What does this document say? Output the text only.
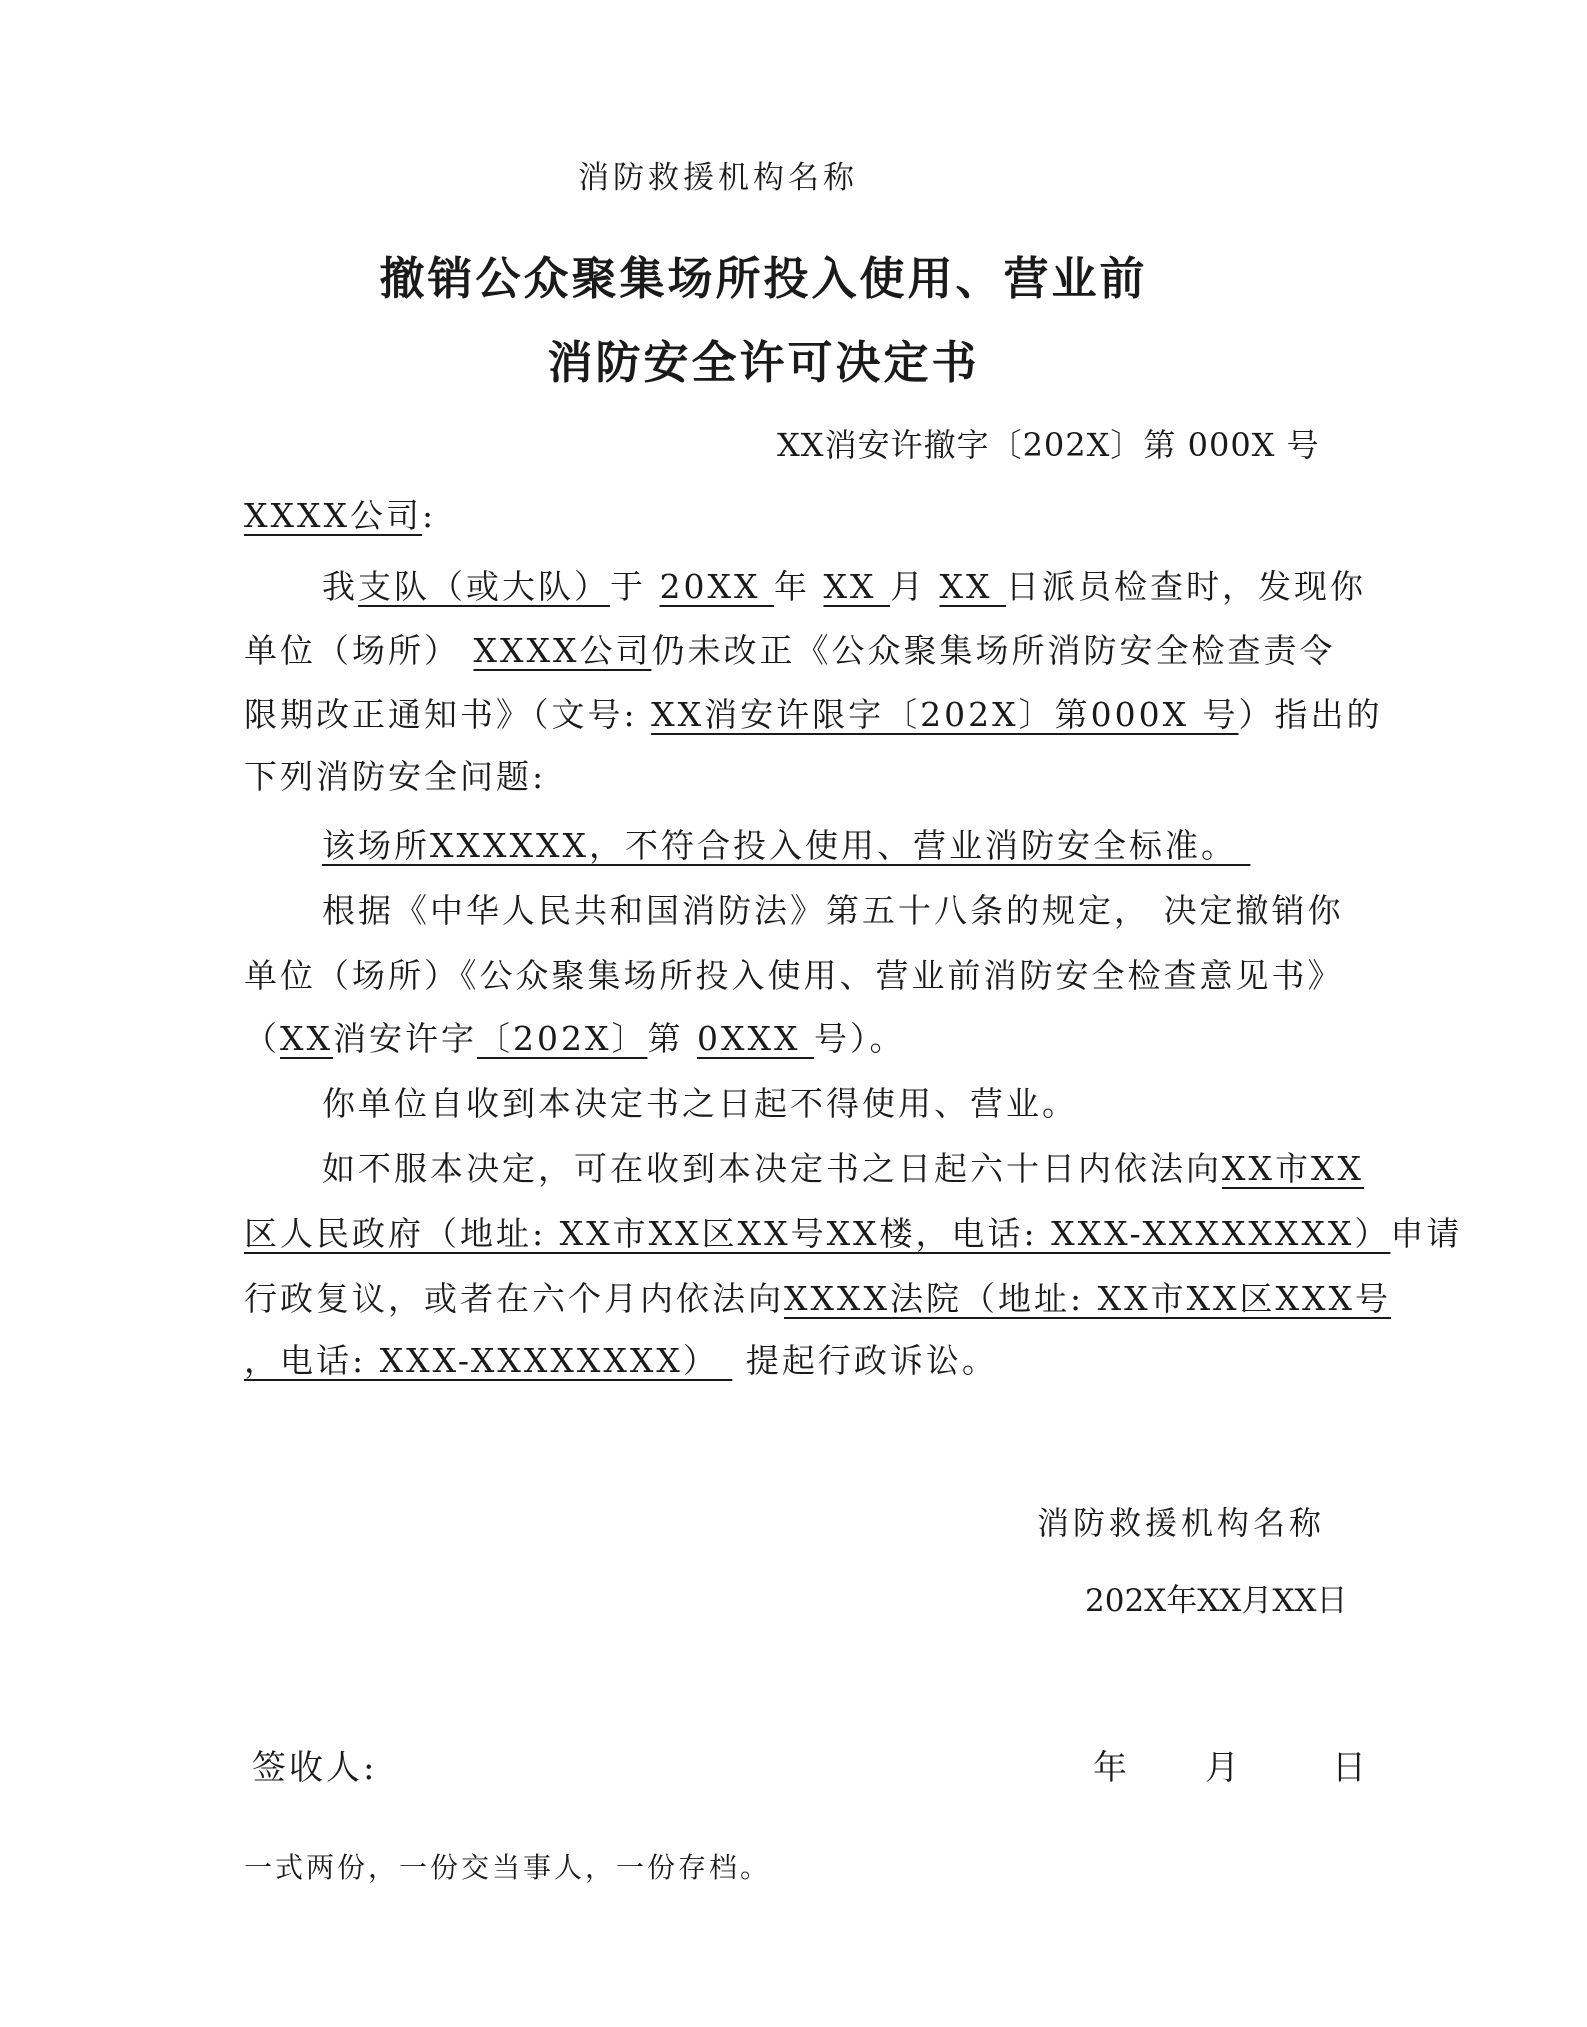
消防救援机构名称
撤销公众聚集场所投入使用、营业前
消防安全许可决定书
XX消安许撤字〔202X〕第 000X 号
XXXX公司:
我支队（或大队）于 20XX 年 XX 月 XX 日派员检查时，发现你
单位（场所） XXXX公司仍未改正《公众聚集场所消防安全检查责令
限期改正通知书》（文号: XX消安许限字〔202X〕第000X 号）指出的
下列消防安全问题:
该场所XXXXXX，不符合投入使用、营业消防安全标准。
根据《中华人民共和国消防法》第五十八条的规定， 决定撤销你
单位（场所）《公众聚集场所投入使用、营业前消防安全检查意见书》
（XX消安许字〔202X〕第 0XXX 号）。
你单位自收到本决定书之日起不得使用、营业。
如不服本决定，可在收到本决定书之日起六十日内依法向XX市XX
区人民政府（地址: XX市XX区XX号XX楼，电话: XXX-XXXXXXXX）申请
行政复议，或者在六个月内依法向XXXX法院（地址: XX市XX区XXX号
，电话: XXX-XXXXXXXX）  提起行政诉讼。
消防救援机构名称
202X年XX月XX日
签收人:	年 月	日
一式两份，一份交当事人，一份存档。
